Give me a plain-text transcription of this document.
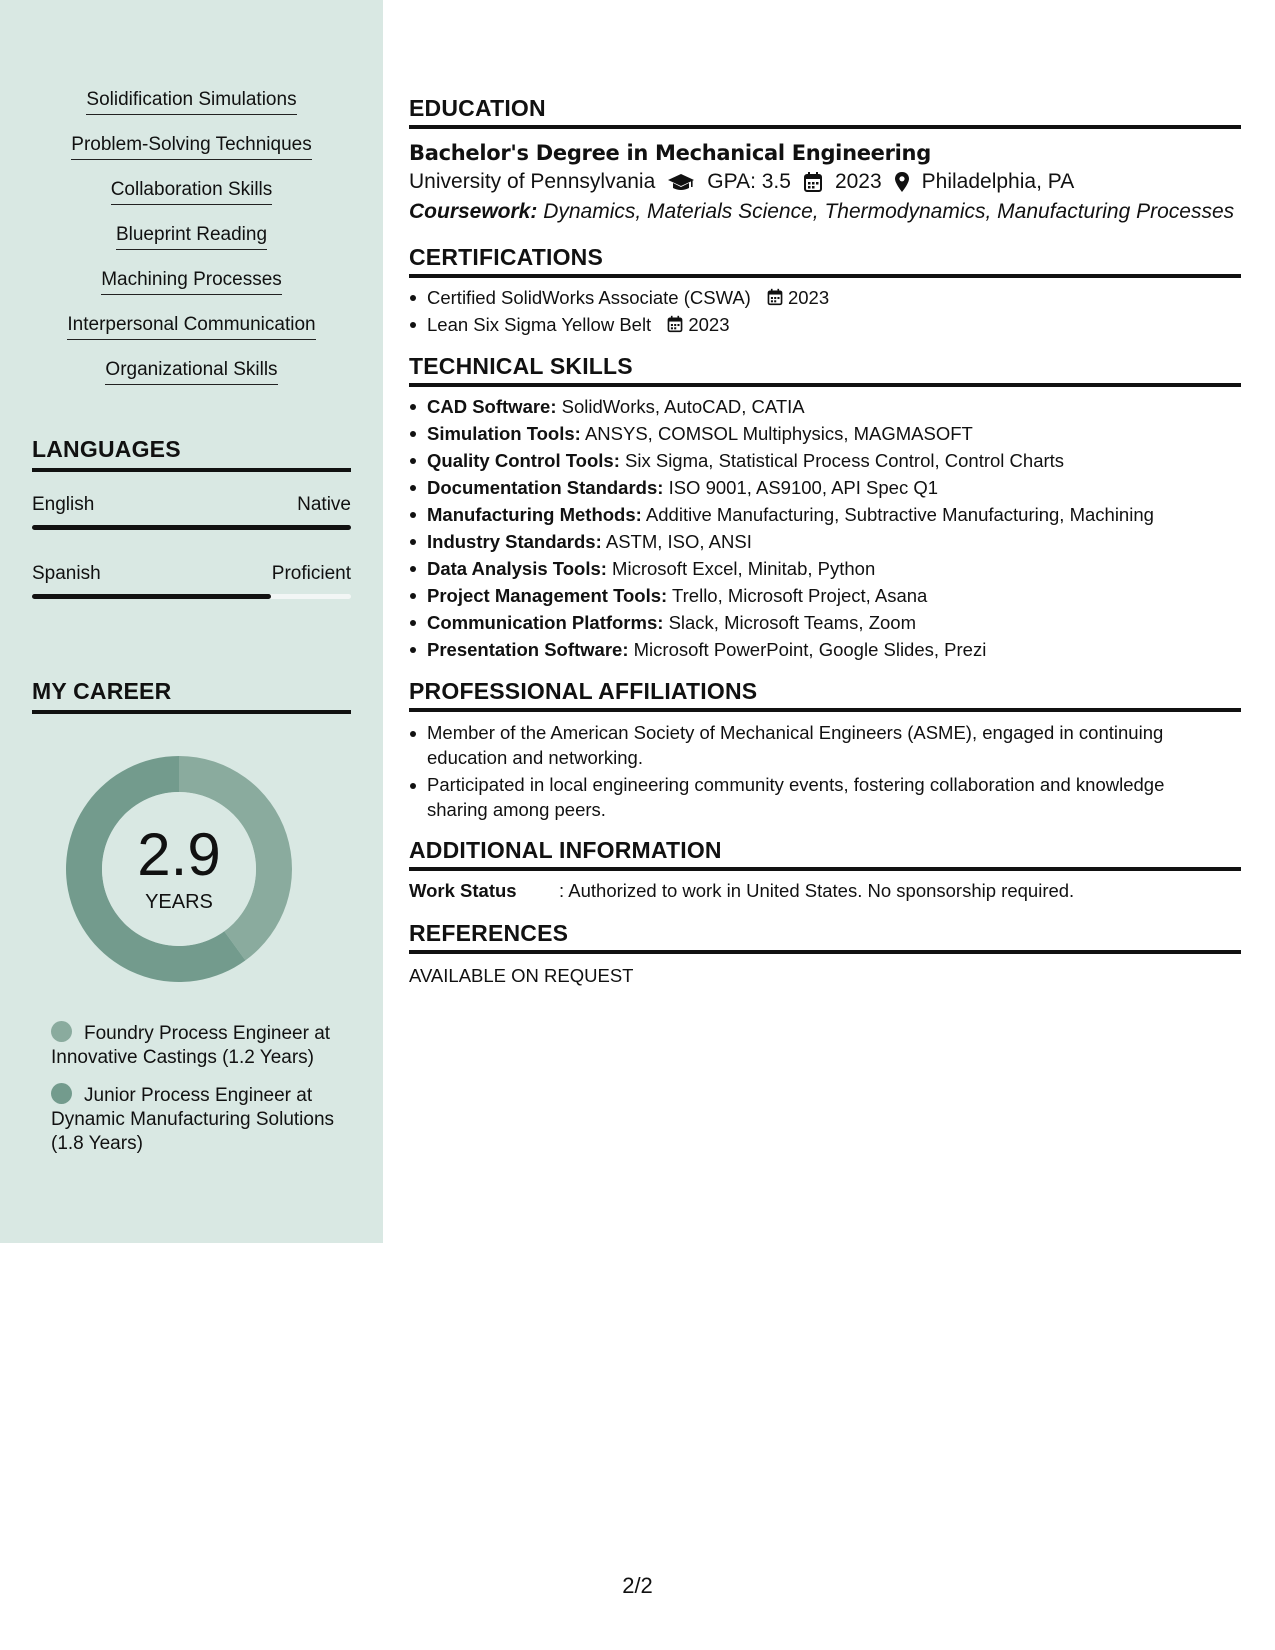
Solidification Simulations
Problem-Solving Techniques
Collaboration Skills
Blueprint Reading
Machining Processes
Interpersonal Communication
Organizational Skills
LANGUAGES
English	Native
Spanish	Proficient
MY CAREER
2.9
YEARS
Foundry Process Engineer at Innovative Castings (1.2 Years)
Junior Process Engineer at Dynamic Manufacturing Solutions (1.8 Years)
EDUCATION
Bachelor's Degree in Mechanical Engineering
University of Pennsylvania GPA: 3.5 2023 Philadelphia, PA
Coursework: Dynamics, Materials Science, Thermodynamics, Manufacturing Processes
CERTIFICATIONS
Certified SolidWorks Associate (CSWA) 2023
Lean Six Sigma Yellow Belt 2023
TECHNICAL SKILLS
CAD Software: SolidWorks, AutoCAD, CATIA
Simulation Tools: ANSYS, COMSOL Multiphysics, MAGMASOFT
Quality Control Tools: Six Sigma, Statistical Process Control, Control Charts
Documentation Standards: ISO 9001, AS9100, API Spec Q1
Manufacturing Methods: Additive Manufacturing, Subtractive Manufacturing, Machining
Industry Standards: ASTM, ISO, ANSI
Data Analysis Tools: Microsoft Excel, Minitab, Python
Project Management Tools: Trello, Microsoft Project, Asana
Communication Platforms: Slack, Microsoft Teams, Zoom
Presentation Software: Microsoft PowerPoint, Google Slides, Prezi
PROFESSIONAL AFFILIATIONS
Member of the American Society of Mechanical Engineers (ASME), engaged in continuing education and networking.
Participated in local engineering community events, fostering collaboration and knowledge sharing among peers.
ADDITIONAL INFORMATION
Work Status	: Authorized to work in United States. No sponsorship required.
REFERENCES
AVAILABLE ON REQUEST
2/2
